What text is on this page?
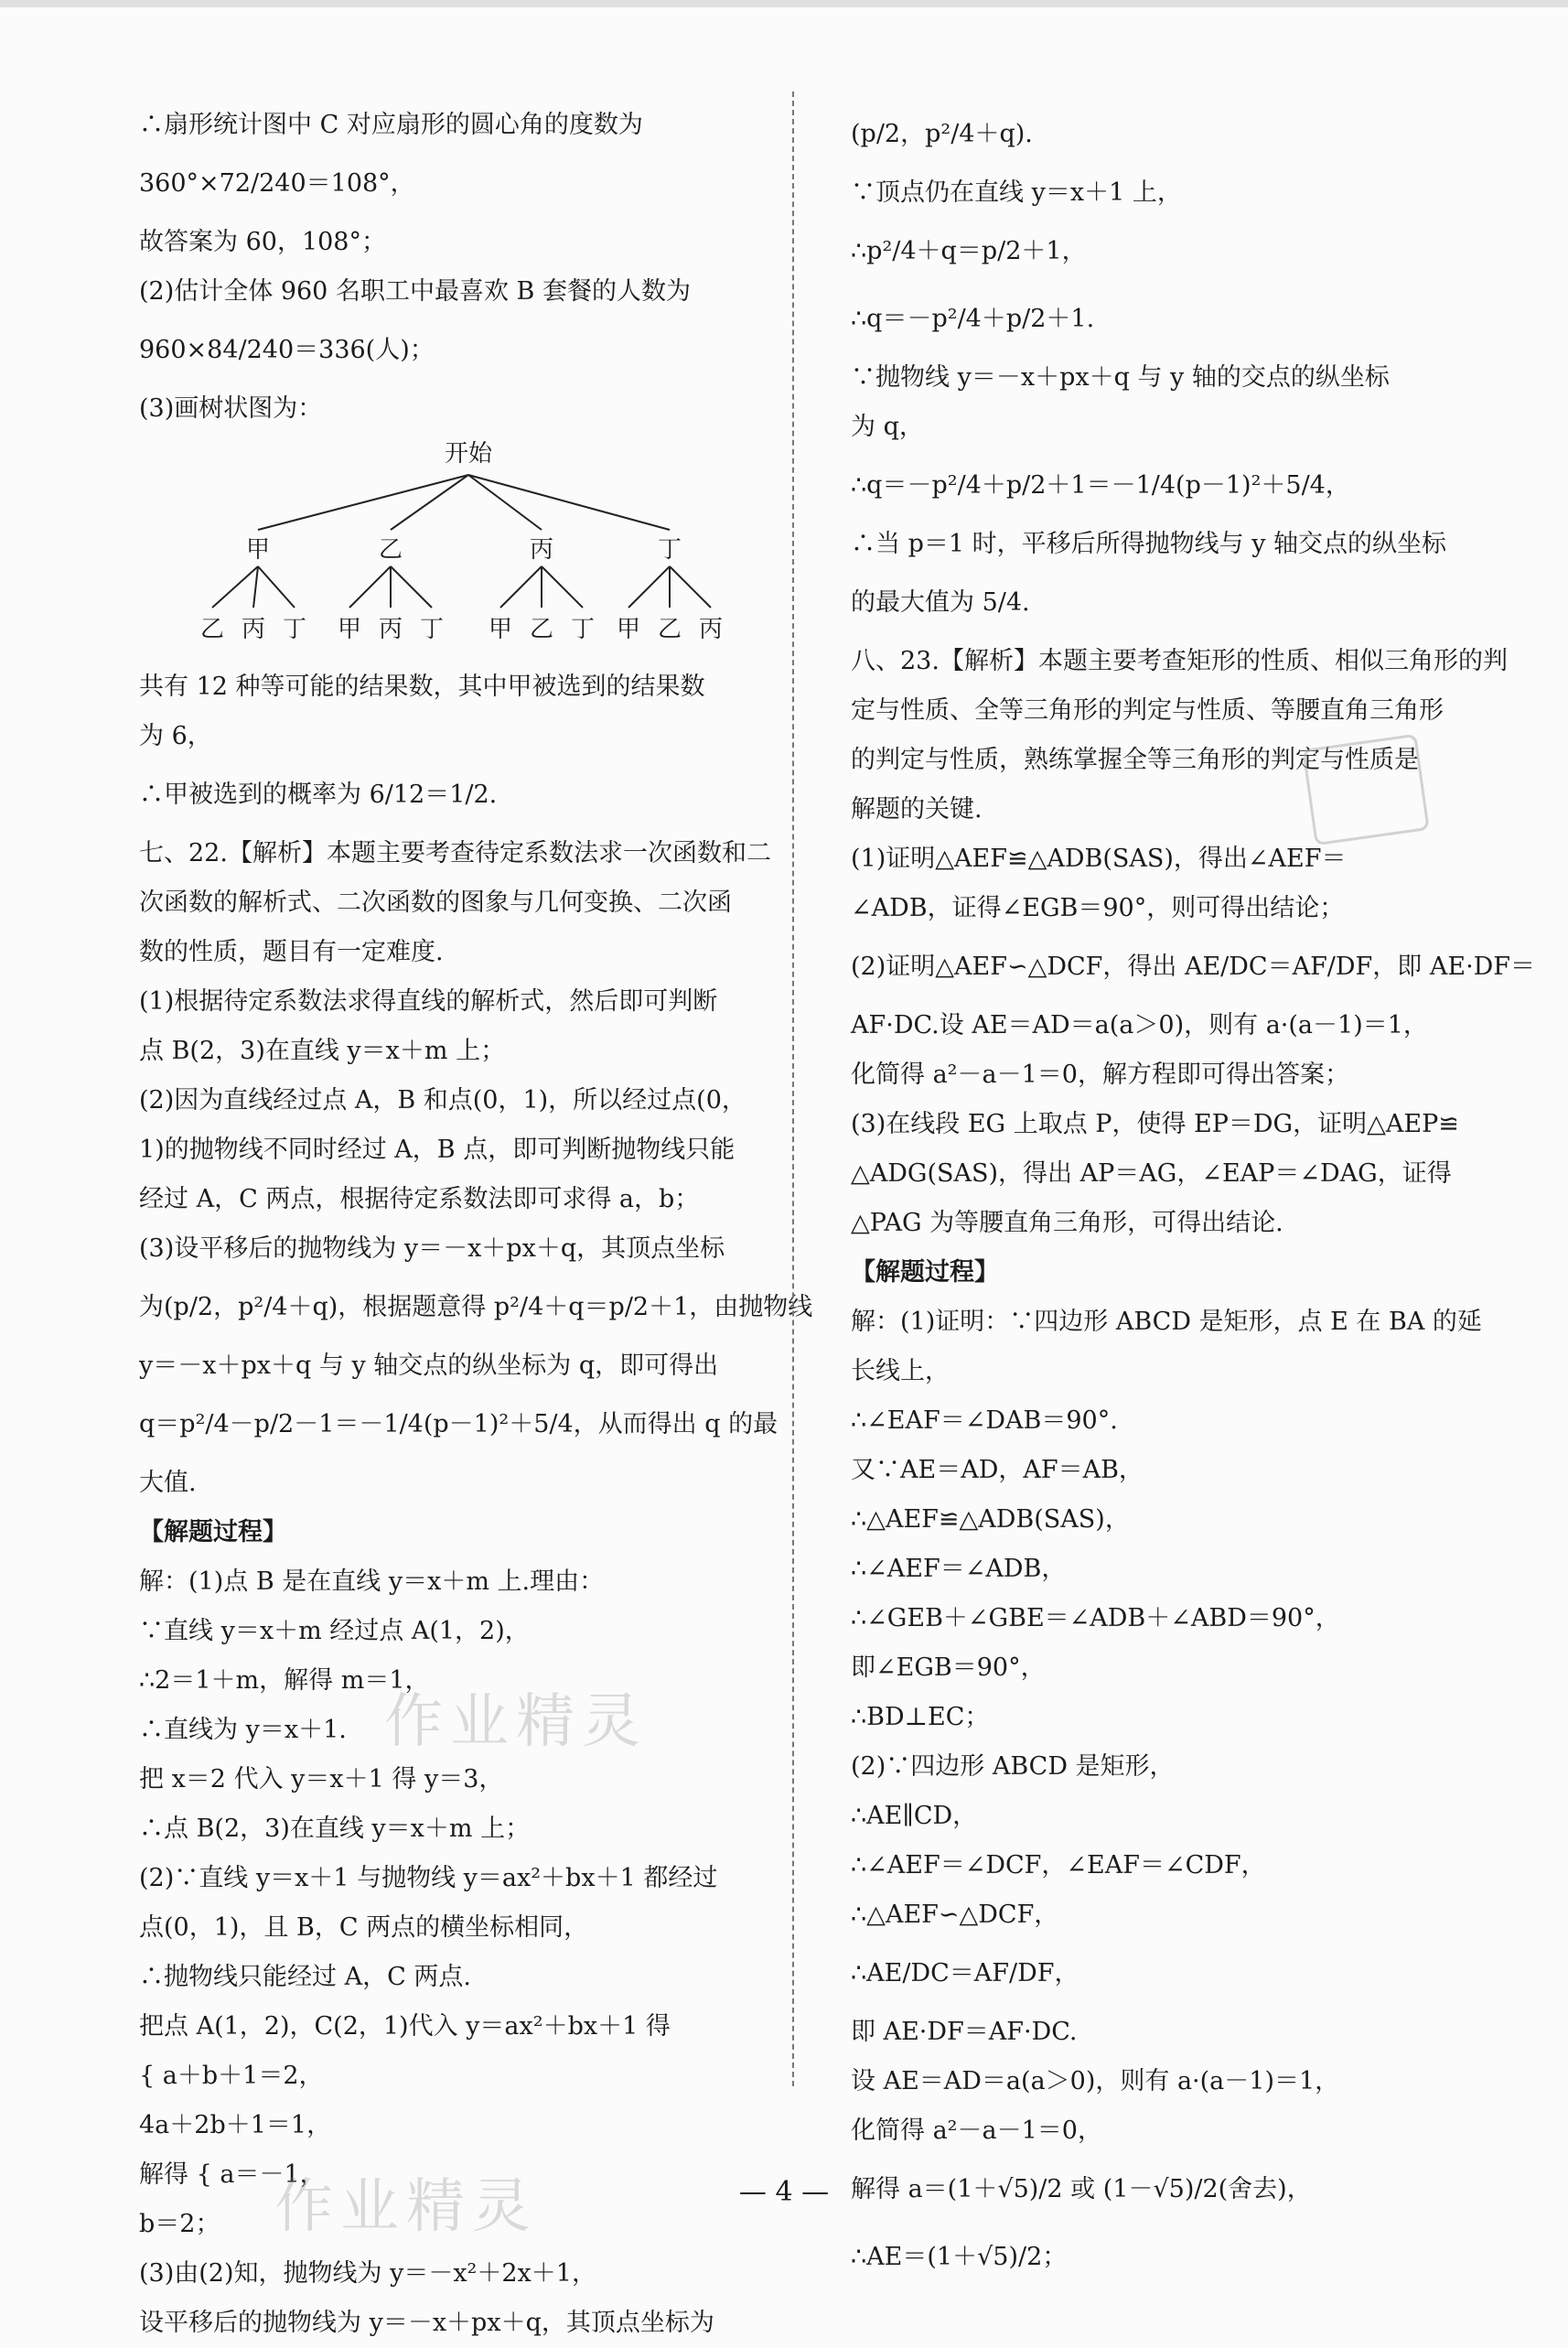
∴扇形统计图中 C 对应扇形的圆心角的度数为
360°×72/240＝108°，
故答案为 60，108°；
(2)估计全体 960 名职工中最喜欢 B 套餐的人数为
960×84/240＝336(人)；
(3)画树状图为：
开始
甲	乙	丙	丁
乙 丙 丁 甲 丙 丁 甲 乙 丁 甲 乙 丙
共有 12 种等可能的结果数，其中甲被选到的结果数
为 6，
∴甲被选到的概率为 6/12＝1/2.
七、22.【解析】本题主要考查待定系数法求一次函数和二
次函数的解析式、二次函数的图象与几何变换、二次函
数的性质，题目有一定难度.
(1)根据待定系数法求得直线的解析式，然后即可判断
点 B(2，3)在直线 y＝x＋m 上；
(2)因为直线经过点 A，B 和点(0，1)，所以经过点(0，
1)的抛物线不同时经过 A，B 点，即可判断抛物线只能
经过 A，C 两点，根据待定系数法即可求得 a，b；
(3)设平移后的抛物线为 y＝－x＋px＋q，其顶点坐标
为(p/2，p²/4＋q)，根据题意得 p²/4＋q＝p/2＋1，由抛物线
y＝－x＋px＋q 与 y 轴交点的纵坐标为 q，即可得出
q＝p²/4－p/2－1＝－1/4(p－1)²＋5/4，从而得出 q 的最
大值.
【解题过程】
解：(1)点 B 是在直线 y＝x＋m 上.理由：
∵直线 y＝x＋m 经过点 A(1，2)，
∴2＝1＋m，解得 m＝1，
∴直线为 y＝x＋1.
把 x＝2 代入 y＝x＋1 得 y＝3，
∴点 B(2，3)在直线 y＝x＋m 上；
(2)∵直线 y＝x＋1 与抛物线 y＝ax²＋bx＋1 都经过
点(0，1)，且 B，C 两点的横坐标相同，
∴抛物线只能经过 A，C 两点.
把点 A(1，2)，C(2，1)代入 y＝ax²＋bx＋1 得
{ a＋b＋1＝2，
4a＋2b＋1＝1，
解得 { a＝－1，
b＝2；
(3)由(2)知，抛物线为 y＝－x²＋2x＋1，
设平移后的抛物线为 y＝－x＋px＋q，其顶点坐标为
(p/2，p²/4＋q).
∵顶点仍在直线 y＝x＋1 上，
∴p²/4＋q＝p/2＋1，
∴q＝－p²/4＋p/2＋1.
∵抛物线 y＝－x＋px＋q 与 y 轴的交点的纵坐标
为 q，
∴q＝－p²/4＋p/2＋1＝－1/4(p－1)²＋5/4，
∴当 p＝1 时，平移后所得抛物线与 y 轴交点的纵坐标
的最大值为 5/4.
八、23.【解析】本题主要考查矩形的性质、相似三角形的判
定与性质、全等三角形的判定与性质、等腰直角三角形
的判定与性质，熟练掌握全等三角形的判定与性质是
解题的关键.
(1)证明△AEF≌△ADB(SAS)，得出∠AEF＝
∠ADB，证得∠EGB＝90°，则可得出结论；
(2)证明△AEF∽△DCF，得出 AE/DC＝AF/DF，即 AE·DF＝
AF·DC.设 AE＝AD＝a(a＞0)，则有 a·(a－1)＝1，
化简得 a²－a－1＝0，解方程即可得出答案；
(3)在线段 EG 上取点 P，使得 EP＝DG，证明△AEP≌
△ADG(SAS)，得出 AP＝AG，∠EAP＝∠DAG，证得
△PAG 为等腰直角三角形，可得出结论.
【解题过程】
解：(1)证明：∵四边形 ABCD 是矩形，点 E 在 BA 的延
长线上，
∴∠EAF＝∠DAB＝90°.
又∵AE＝AD，AF＝AB，
∴△AEF≌△ADB(SAS)，
∴∠AEF＝∠ADB，
∴∠GEB＋∠GBE＝∠ADB＋∠ABD＝90°，
即∠EGB＝90°，
∴BD⊥EC；
(2)∵四边形 ABCD 是矩形，
∴AE∥CD，
∴∠AEF＝∠DCF，∠EAF＝∠CDF，
∴△AEF∽△DCF，
∴AE/DC＝AF/DF，
即 AE·DF＝AF·DC.
设 AE＝AD＝a(a＞0)，则有 a·(a－1)＝1，
化简得 a²－a－1＝0，
解得 a＝(1＋√5)/2 或 (1－√5)/2(舍去)，
∴AE＝(1＋√5)/2；
作业精灵
作业精灵	— 4 —
